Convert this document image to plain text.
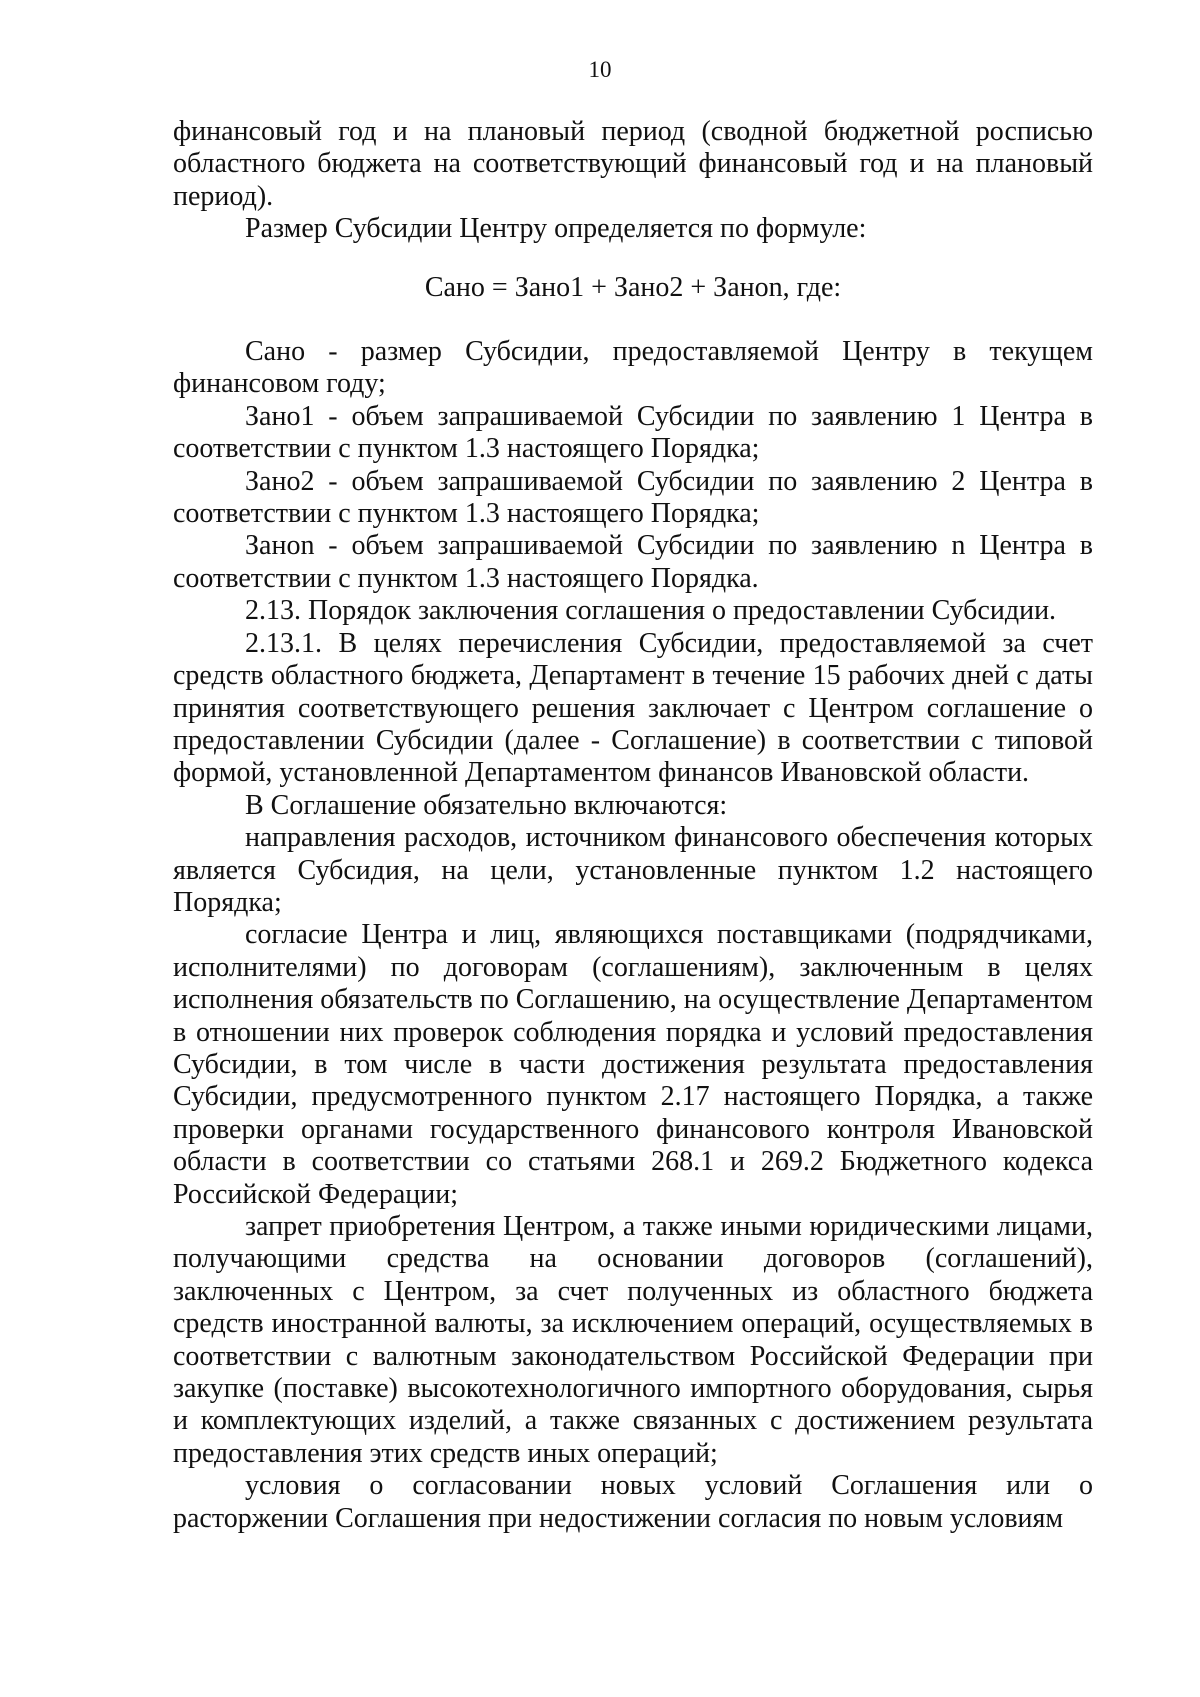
10

финансовый год и на плановый период (сводной бюджетной росписью областного бюджета на соответствующий финансовый год и на плановый период).

Размер Субсидии Центру определяется по формуле:

Сано = Зано1 + Зано2 + Заноn, где:

Сано - размер Субсидии, предоставляемой Центру в текущем финансовом году;

Зано1 - объем запрашиваемой Субсидии по заявлению 1 Центра в соответствии с пунктом 1.3 настоящего Порядка;

Зано2 - объем запрашиваемой Субсидии по заявлению 2 Центра в соответствии с пунктом 1.3 настоящего Порядка;

Заноn - объем запрашиваемой Субсидии по заявлению n Центра в соответствии с пунктом 1.3 настоящего Порядка.

2.13. Порядок заключения соглашения о предоставлении Субсидии.

2.13.1. В целях перечисления Субсидии, предоставляемой за счет средств областного бюджета, Департамент в течение 15 рабочих дней с даты принятия соответствующего решения заключает с Центром соглашение о предоставлении Субсидии (далее - Соглашение) в соответствии с типовой формой, установленной Департаментом финансов Ивановской области.

В Соглашение обязательно включаются:

направления расходов, источником финансового обеспечения которых является Субсидия, на цели, установленные пунктом 1.2 настоящего Порядка;

согласие Центра и лиц, являющихся поставщиками (подрядчиками, исполнителями) по договорам (соглашениям), заключенным в целях исполнения обязательств по Соглашению, на осуществление Департаментом в отношении них проверок соблюдения порядка и условий предоставления Субсидии, в том числе в части достижения результата предоставления Субсидии, предусмотренного пунктом 2.17 настоящего Порядка, а также проверки органами государственного финансового контроля Ивановской области в соответствии со статьями 268.1 и 269.2 Бюджетного кодекса Российской Федерации;

запрет приобретения Центром, а также иными юридическими лицами, получающими средства на основании договоров (соглашений), заключенных с Центром, за счет полученных из областного бюджета средств иностранной валюты, за исключением операций, осуществляемых в соответствии с валютным законодательством Российской Федерации при закупке (поставке) высокотехнологичного импортного оборудования, сырья и комплектующих изделий, а также связанных с достижением результата предоставления этих средств иных операций;

условия о согласовании новых условий Соглашения или о расторжении Соглашения при недостижении согласия по новым условиям
